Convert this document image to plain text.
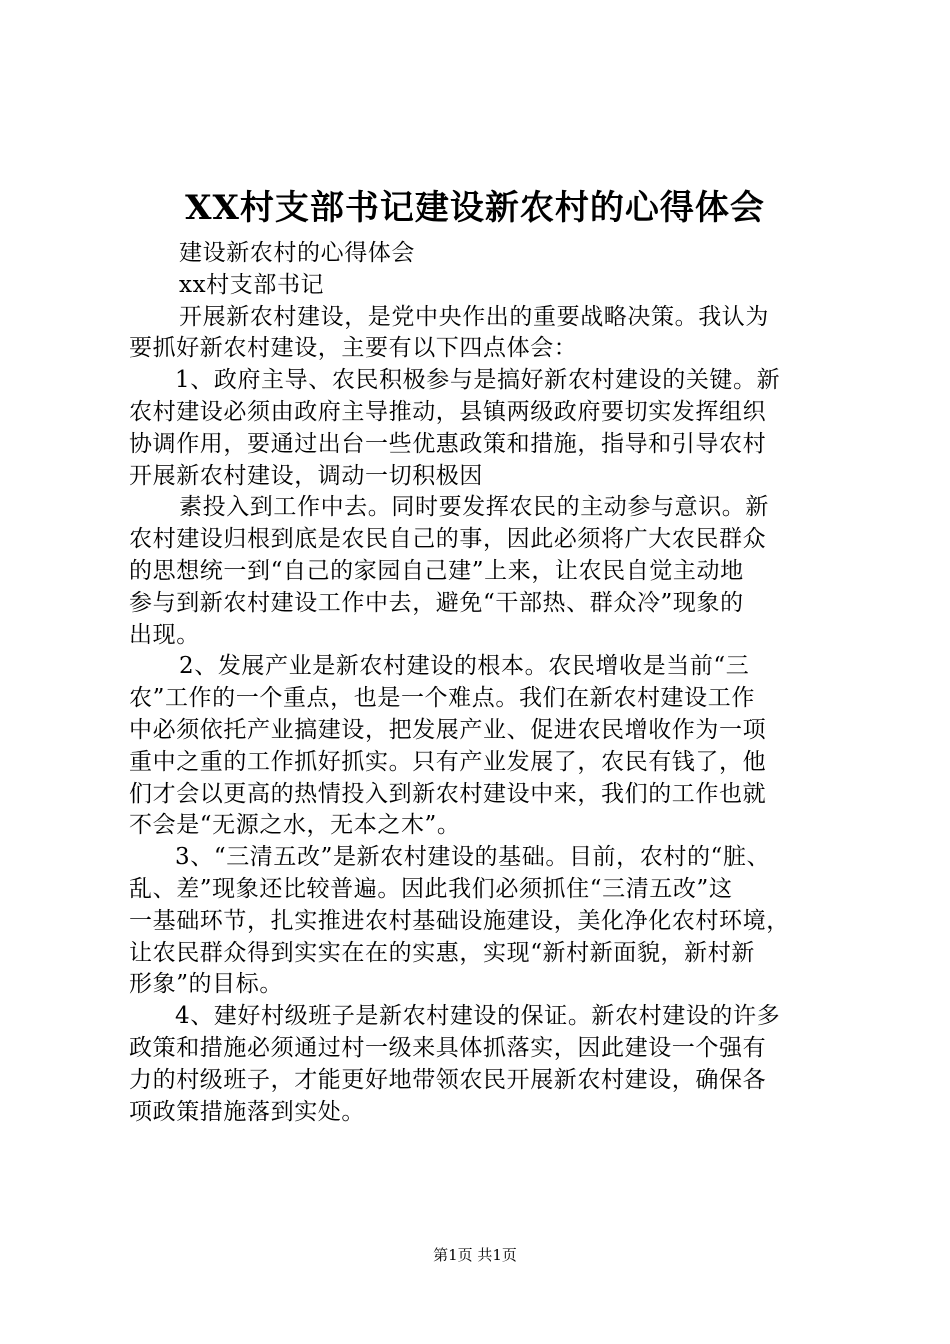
XX村支部书记建设新农村的心得体会
建设新农村的心得体会
xx村支部书记
开展新农村建设，是党中央作出的重要战略决策。我认为
要抓好新农村建设，主要有以下四点体会：
1、政府主导、农民积极参与是搞好新农村建设的关键。新
农村建设必须由政府主导推动，县镇两级政府要切实发挥组织
协调作用，要通过出台一些优惠政策和措施，指导和引导农村
开展新农村建设，调动一切积极因
素投入到工作中去。同时要发挥农民的主动参与意识。新
农村建设归根到底是农民自己的事，因此必须将广大农民群众
的思想统一到“自己的家园自己建”上来，让农民自觉主动地
参与到新农村建设工作中去，避免“干部热、群众冷”现象的
出现。
2、发展产业是新农村建设的根本。农民增收是当前“三
农”工作的一个重点，也是一个难点。我们在新农村建设工作
中必须依托产业搞建设，把发展产业、促进农民增收作为一项
重中之重的工作抓好抓实。只有产业发展了，农民有钱了，他
们才会以更高的热情投入到新农村建设中来，我们的工作也就
不会是“无源之水，无本之木”。
3、“三清五改”是新农村建设的基础。目前，农村的“脏、
乱、差”现象还比较普遍。因此我们必须抓住“三清五改”这
一基础环节，扎实推进农村基础设施建设，美化净化农村环境，
让农民群众得到实实在在的实惠，实现“新村新面貌，新村新
形象”的目标。
4、建好村级班子是新农村建设的保证。新农村建设的许多
政策和措施必须通过村一级来具体抓落实，因此建设一个强有
力的村级班子，才能更好地带领农民开展新农村建设，确保各
项政策措施落到实处。
第1页 共1页
